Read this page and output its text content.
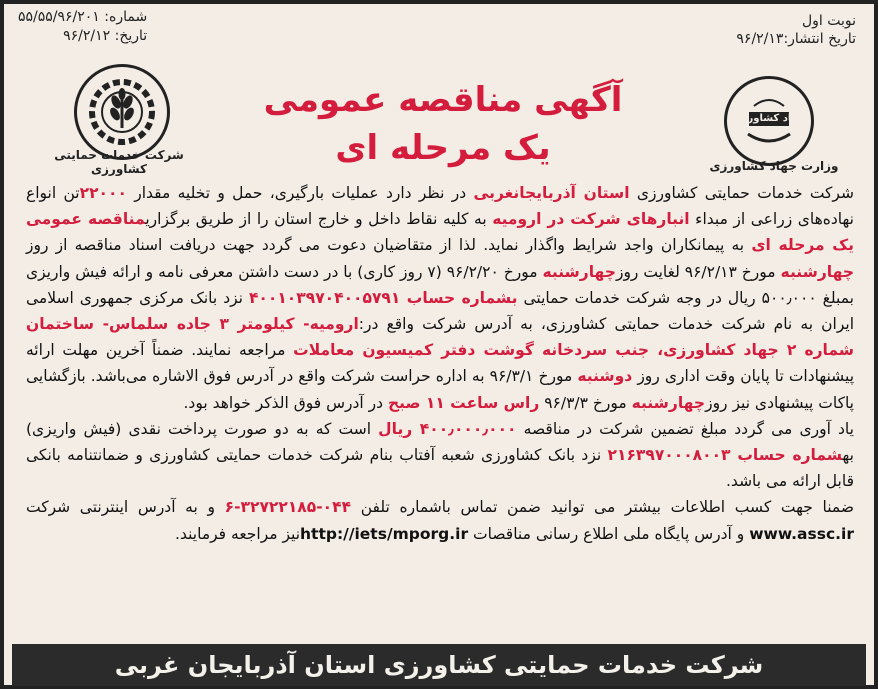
نوبت اول
تاریخ انتشار:۹۶/۲/۱۳
شماره: ۵۵/۵۵/۹۶/۲۰۱
تاریخ: ۹۶/۲/۱۲
جهاد کشاورزی
وزارت جهاد کشاورزی
شرکت خدمات حمایتی کشاورزی
آگهی مناقصه عمومی
یک مرحله ای
شرکت خدمات حمایتی کشاورزی استان آذربایجانغربی در نظر دارد عملیات بارگیری، حمل و تخلیه مقدار ۲۲۰۰۰تن انواع نهاده‌های زراعی از مبداء انبارهای شرکت در ارومیه به کلیه نقاط داخل و خارج استان را از طریق برگزاریمناقصه عمومی یک مرحله ای به پیمانکاران واجد شرایط واگذار نماید. لذا از متقاضیان دعوت می گردد جهت دریافت اسناد مناقصه از روز چهارشنبه مورخ ۹۶/۲/۱۳ لغایت روزچهارشنبه مورخ ۹۶/۲/۲۰ (۷ روز کاری) با در دست داشتن معرفی نامه و ارائه فیش واریزی بمبلغ ۵۰۰٫۰۰۰ ریال در وجه شرکت خدمات حمایتی بشماره حساب ۴۰۰۱۰۳۹۷۰۴۰۰۵۷۹۱ نزد بانک مرکزی جمهوری اسلامی ایران به نام شرکت خدمات حمایتی کشاورزی، به آدرس شرکت واقع در:ارومیه- کیلومتر ۳ جاده سلماس- ساختمان شماره ۲ جهاد کشاورزی، جنب سردخانه گوشت دفتر کمیسیون معاملات مراجعه نمایند. ضمناً آخرین مهلت ارائه پیشنهادات تا پایان وقت اداری روز دوشنبه مورخ ۹۶/۳/۱ به اداره حراست شرکت واقع در آدرس فوق الاشاره می‌باشد. بازگشایی پاکات پیشنهادی نیز روزچهارشنبه مورخ ۹۶/۳/۳ راس ساعت ۱۱ صبح در آدرس فوق الذکر خواهد بود.
یاد آوری می گردد مبلغ تضمین شرکت در مناقصه ۴۰۰٫۰۰۰٫۰۰۰ ریال است که به دو صورت پرداخت نقدی (فیش واریزی) بهشماره حساب ۲۱۶۳۹۷۰۰۰۸۰۰۳ نزد بانک کشاورزی شعبه آفتاب بنام شرکت خدمات حمایتی کشاورزی و ضمانتنامه بانکی قابل ارائه می باشد.
ضمنا جهت کسب اطلاعات بیشتر می توانید ضمن تماس باشماره تلفن ۰۴۴-۳۲۷۲۲۱۸۵-۶ و به آدرس اینترنتی شرکت www.assc.ir و آدرس پایگاه ملی اطلاع رسانی مناقصات http://iets/mporg.irنیز مراجعه فرمایند.
شرکت خدمات حمایتی کشاورزی استان آذربایجان غربی
